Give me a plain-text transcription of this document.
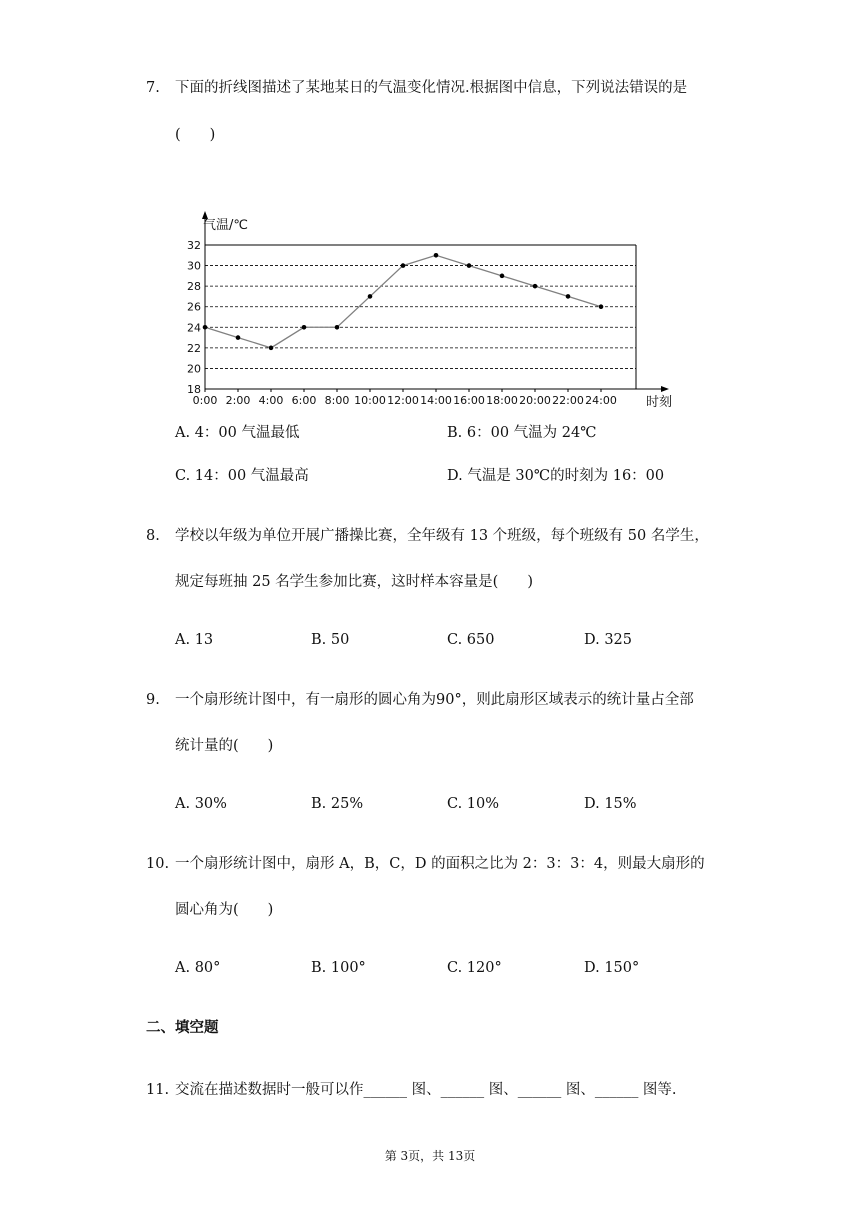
7. 下面的折线图描述了某地某日的气温变化情况.根据图中信息，下列说法错误的是
(　　)
18
20
22
24
26
28
30
32
0:00 2:00 4:00 6:00 8:00 10:00 12:00 14:00 16:00 18:00 20:00 22:00 24:00
气温/℃
时刻
A. 4：00 气温最低	B. 6：00 气温为 24℃
C. 14：00 气温最高	D. 气温是 30℃的时刻为 16：00
8. 学校以年级为单位开展广播操比赛，全年级有 13 个班级，每个班级有 50 名学生，
规定每班抽 25 名学生参加比赛，这时样本容量是(　　)
A. 13	B. 50	C. 650	D. 325
9. 一个扇形统计图中，有一扇形的圆心角为90°，则此扇形区域表示的统计量占全部
统计量的(　　)
A. 30%	B. 25%	C. 10%	D. 15%
10. 一个扇形统计图中，扇形 A，B，C，D 的面积之比为 2：3：3：4，则最大扇形的
圆心角为(　　)
A. 80°	B. 100°	C. 120°	D. 150°
二、填空题
11. 交流在描述数据时一般可以作______ 图、______ 图、______ 图、______ 图等.
第 3页，共 13页
